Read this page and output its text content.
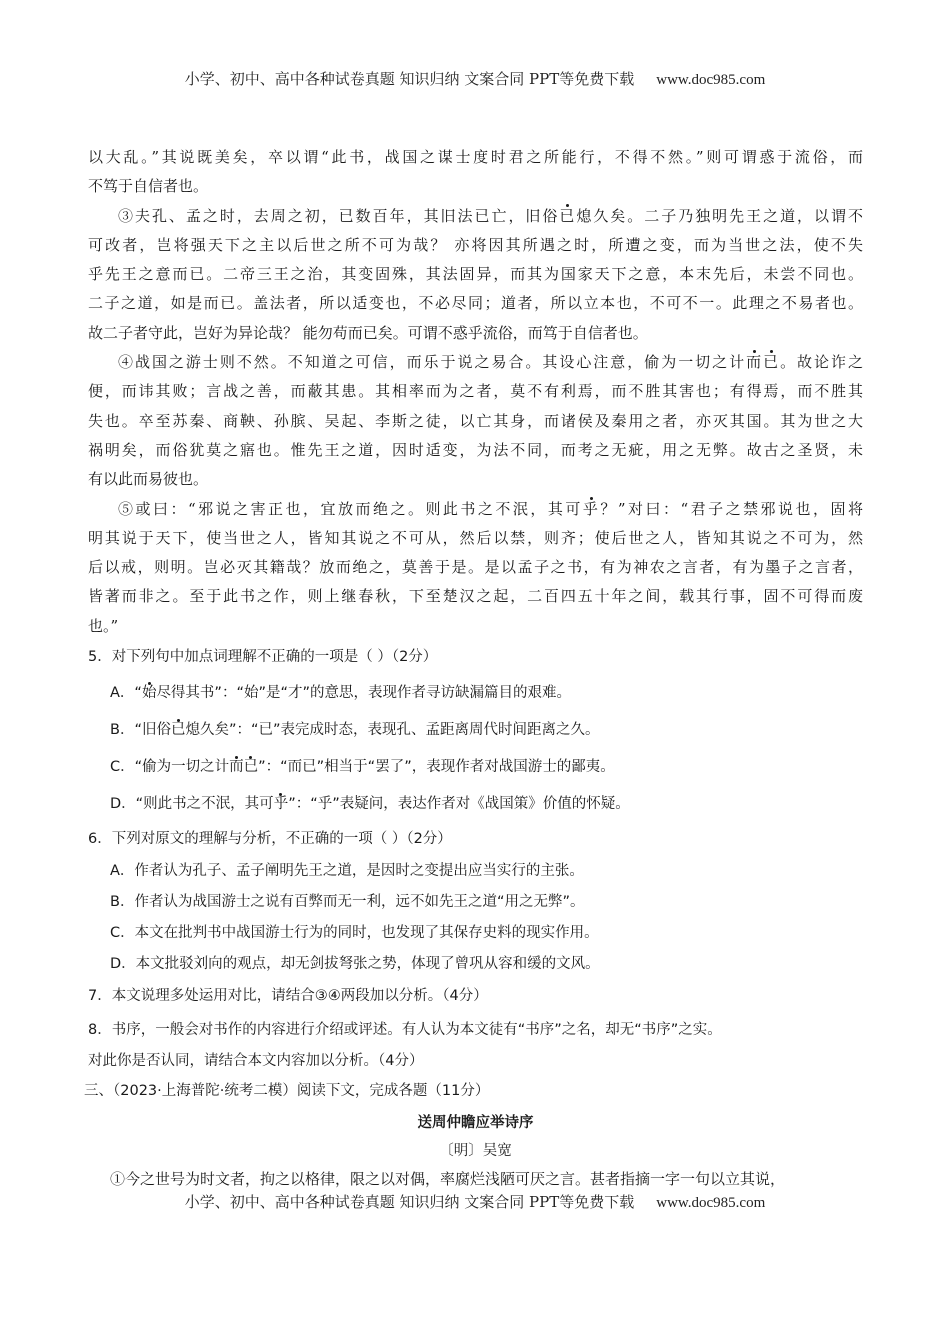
小学、初中、高中各种试卷真题 知识归纳 文案合同 PPT等免费下载 www.doc985.com
以大乱。”其说既美矣，卒以谓“此书，战国之谋士度时君之所能行，不得不然。”则可谓惑于流俗，而
不笃于自信者也。
③夫孔、孟之时，去周之初，已数百年，其旧法已亡，旧俗已熄久矣。二子乃独明先王之道，以谓不
可改者，岂将强天下之主以后世之所不可为哉？ 亦将因其所遇之时，所遭之变，而为当世之法，使不失
乎先王之意而已。二帝三王之治，其变固殊，其法固异，而其为国家天下之意，本末先后，未尝不同也。
二子之道，如是而已。盖法者，所以适变也，不必尽同；道者，所以立本也，不可不一。此理之不易者也。
故二子者守此，岂好为异论哉？ 能勿苟而已矣。可谓不惑乎流俗，而笃于自信者也。
④战国之游士则不然。不知道之可信，而乐于说之易合。其设心注意，偷为一切之计而已。故论诈之
便，而讳其败；言战之善，而蔽其患。其相率而为之者，莫不有利焉，而不胜其害也；有得焉，而不胜其
失也。卒至苏秦、商鞅、孙膑、吴起、李斯之徒，以亡其身，而诸侯及秦用之者，亦灭其国。其为世之大
祸明矣，而俗犹莫之寤也。惟先王之道，因时适变，为法不同，而考之无疵，用之无弊。故古之圣贤，未
有以此而易彼也。
⑤或曰：“邪说之害正也，宜放而绝之。则此书之不泯，其可乎？”对曰：“君子之禁邪说也，固将
明其说于天下，使当世之人，皆知其说之不可从，然后以禁，则齐；使后世之人，皆知其说之不可为，然
后以戒，则明。岂必灭其籍哉？放而绝之，莫善于是。是以孟子之书，有为神农之言者，有为墨子之言者，
皆著而非之。至于此书之作，则上继春秋，下至楚汉之起，二百四五十年之间，载其行事，固不可得而废
也。”
5．对下列句中加点词理解不正确的一项是（ ）（2分）
A．“始尽得其书”：“始”是“才”的意思，表现作者寻访缺漏篇目的艰难。
B．“旧俗已熄久矣”：“已”表完成时态，表现孔、孟距离周代时间距离之久。
C．“偷为一切之计而已”：“而已”相当于“罢了”，表现作者对战国游士的鄙夷。
D．“则此书之不泯，其可乎”：“乎”表疑问，表达作者对《战国策》价值的怀疑。
6．下列对原文的理解与分析，不正确的一项（ ）（2分）
A．作者认为孔子、孟子阐明先王之道，是因时之变提出应当实行的主张。
B．作者认为战国游士之说有百弊而无一利，远不如先王之道“用之无弊”。
C．本文在批判书中战国游士行为的同时，也发现了其保存史料的现实作用。
D．本文批驳刘向的观点，却无剑拔弩张之势，体现了曾巩从容和缓的文风。
7．本文说理多处运用对比，请结合③④两段加以分析。（4分）
8．书序，一般会对书作的内容进行介绍或评述。有人认为本文徒有“书序”之名，却无“书序”之实。
对此你是否认同，请结合本文内容加以分析。（4分）
三、（2023·上海普陀·统考二模）阅读下文，完成各题（11分）
送周仲瞻应举诗序
〔明〕吴宽
①今之世号为时文者，拘之以格律，限之以对偶，率腐烂浅陋可厌之言。甚者指摘一字一句以立其说，
小学、初中、高中各种试卷真题 知识归纳 文案合同 PPT等免费下载 www.doc985.com
